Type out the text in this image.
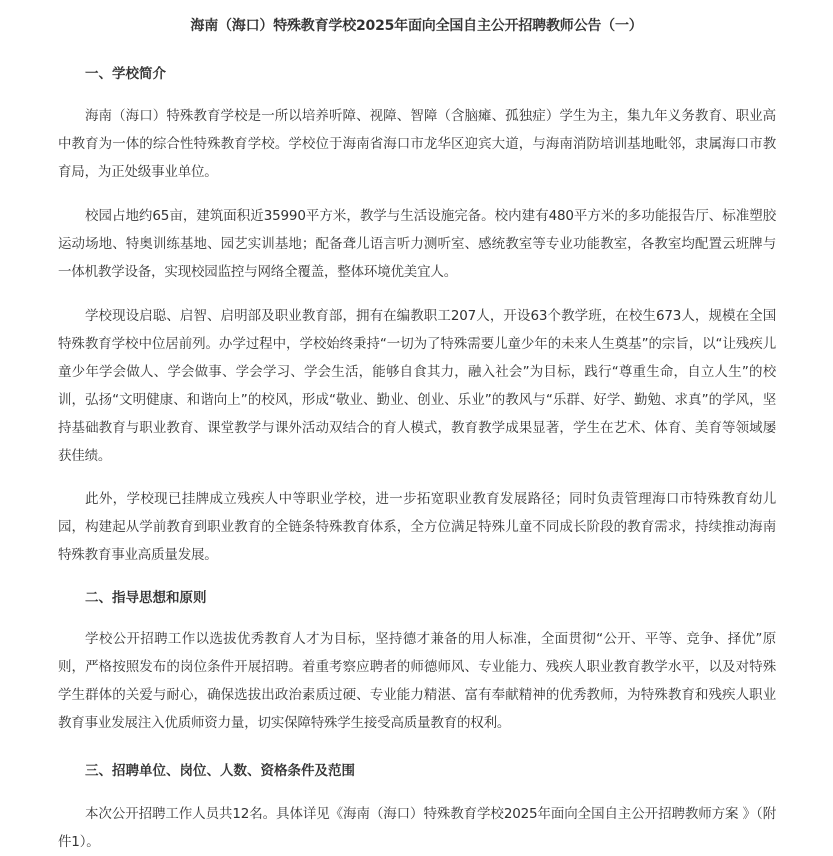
海南（海口）特殊教育学校2025年面向全国自主公开招聘教师公告（一）
一、学校简介
海南（海口）特殊教育学校是一所以培养听障、视障、智障（含脑瘫、孤独症）学生为主，集九年义务教育、职业高中教育为一体的综合性特殊教育学校。学校位于海南省海口市龙华区迎宾大道，与海南消防培训基地毗邻，隶属海口市教育局，为正处级事业单位。
校园占地约65亩，建筑面积近35990平方米，教学与生活设施完备。校内建有480平方米的多功能报告厅、标准塑胶运动场地、特奥训练基地、园艺实训基地；配备聋儿语言听力测听室、感统教室等专业功能教室，各教室均配置云班牌与一体机教学设备，实现校园监控与网络全覆盖，整体环境优美宜人。
学校现设启聪、启智、启明部及职业教育部，拥有在编教职工207人，开设63个教学班，在校生673人，规模在全国特殊教育学校中位居前列。办学过程中，学校始终秉持“一切为了特殊需要儿童少年的未来人生奠基”的宗旨，以“让残疾儿童少年学会做人、学会做事、学会学习、学会生活，能够自食其力，融入社会”为目标，践行“尊重生命，自立人生”的校训，弘扬“文明健康、和谐向上”的校风，形成“敬业、勤业、创业、乐业”的教风与“乐群、好学、勤勉、求真”的学风，坚持基础教育与职业教育、课堂教学与课外活动双结合的育人模式，教育教学成果显著，学生在艺术、体育、美育等领域屡获佳绩。
此外，学校现已挂牌成立残疾人中等职业学校，进一步拓宽职业教育发展路径；同时负责管理海口市特殊教育幼儿园，构建起从学前教育到职业教育的全链条特殊教育体系，全方位满足特殊儿童不同成长阶段的教育需求，持续推动海南特殊教育事业高质量发展。
二、指导思想和原则
学校公开招聘工作以选拔优秀教育人才为目标，坚持德才兼备的用人标准，全面贯彻“公开、平等、竞争、择优”原则，严格按照发布的岗位条件开展招聘。着重考察应聘者的师德师风、专业能力、残疾人职业教育教学水平，以及对特殊学生群体的关爱与耐心，确保选拔出政治素质过硬、专业能力精湛、富有奉献精神的优秀教师，为特殊教育和残疾人职业教育事业发展注入优质师资力量，切实保障特殊学生接受高质量教育的权利。
三、招聘单位、岗位、人数、资格条件及范围
本次公开招聘工作人员共12名。具体详见《海南（海口）特殊教育学校2025年面向全国自主公开招聘教师方案 》（附件1）。
